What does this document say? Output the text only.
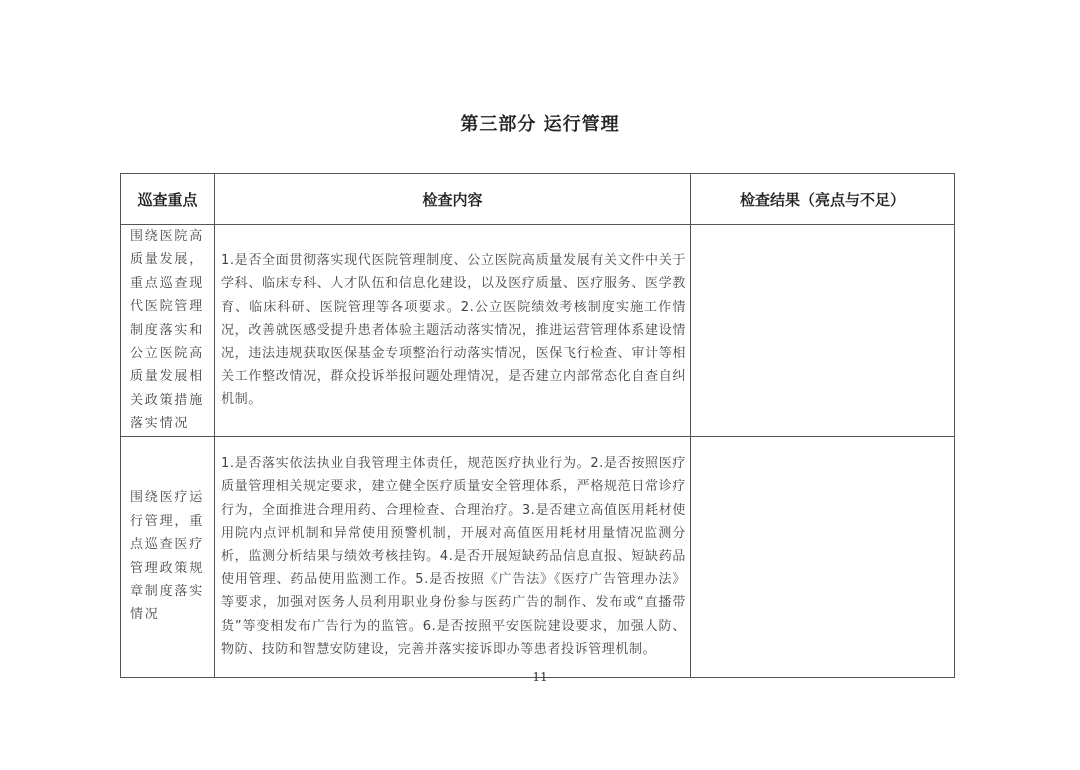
第三部分 运行管理
巡查重点	检查内容	检查结果（亮点与不足）
围绕医院高质量发展，重点巡查现代医院管理制度落实和公立医院高质量发展相关政策措施落实情况	1.是否全面贯彻落实现代医院管理制度、公立医院高质量发展有关文件中关于学科、临床专科、人才队伍和信息化建设，以及医疗质量、医疗服务、医学教育、临床科研、医院管理等各项要求。2.公立医院绩效考核制度实施工作情况，改善就医感受提升患者体验主题活动落实情况，推进运营管理体系建设情况，违法违规获取医保基金专项整治行动落实情况，医保飞行检查、审计等相关工作整改情况，群众投诉举报问题处理情况，是否建立内部常态化自查自纠机制。	
围绕医疗运行管理，重点巡查医疗管理政策规章制度落实情况	1.是否落实依法执业自我管理主体责任，规范医疗执业行为。2.是否按照医疗质量管理相关规定要求，建立健全医疗质量安全管理体系，严格规范日常诊疗行为，全面推进合理用药、合理检查、合理治疗。3.是否建立高值医用耗材使用院内点评机制和异常使用预警机制，开展对高值医用耗材用量情况监测分析，监测分析结果与绩效考核挂钩。4.是否开展短缺药品信息直报、短缺药品使用管理、药品使用监测工作。5.是否按照《广告法》《医疗广告管理办法》等要求，加强对医务人员利用职业身份参与医药广告的制作、发布或“直播带货”等变相发布广告行为的监管。6.是否按照平安医院建设要求，加强人防、物防、技防和智慧安防建设，完善并落实接诉即办等患者投诉管理机制。	
11
